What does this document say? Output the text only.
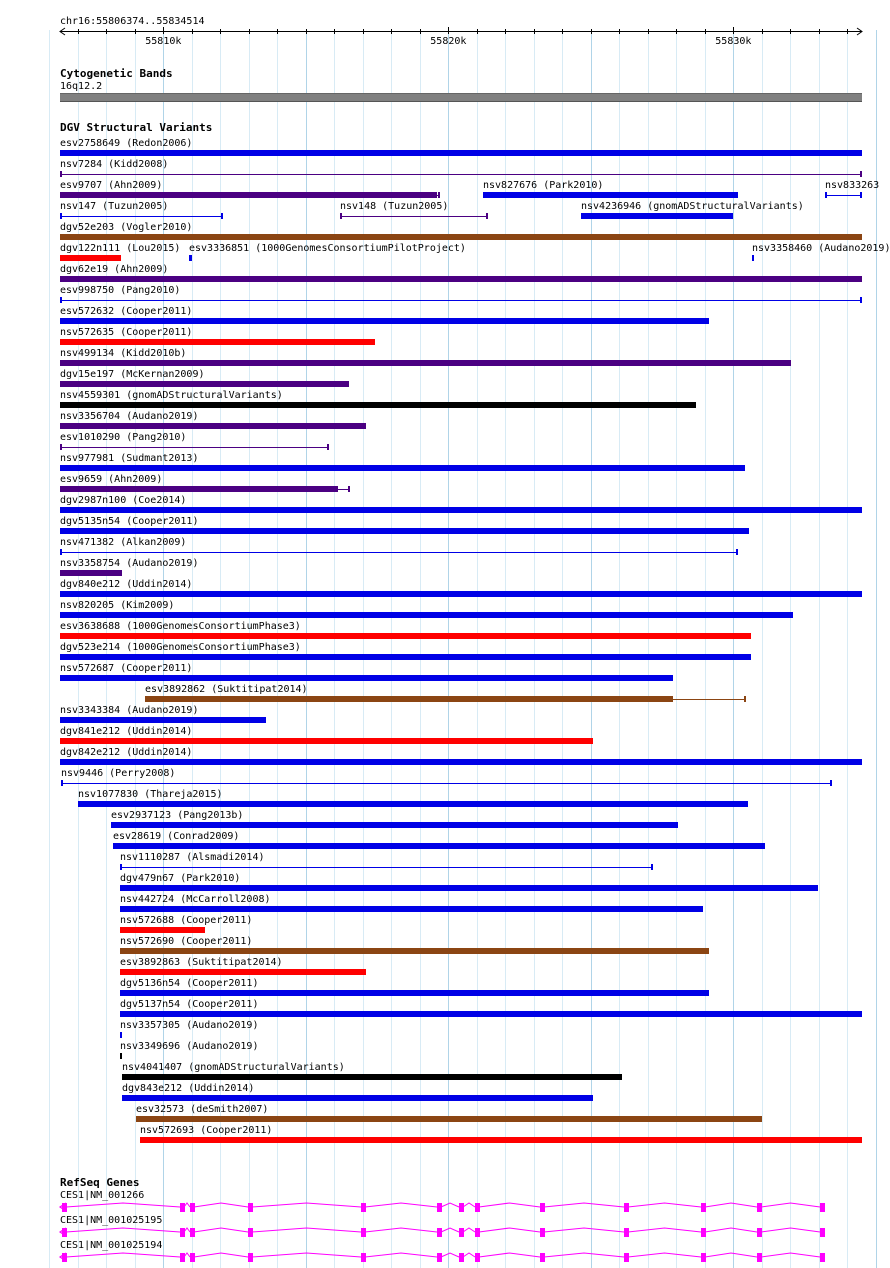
chr16:55806374..55834514
55810k	55820k	55830k
Cytogenetic Bands
16q12.2
DGV Structural Variants
esv2758649 (Redon2006)
nsv7284 (Kidd2008)
esv9707 (Ahn2009)	nsv827676 (Park2010)	nsv833263
nsv147 (Tuzun2005)	nsv148 (Tuzun2005)	nsv4236946 (gnomADStructuralVariants)
dgv52e203 (Vogler2010)
dgv122n111 (Lou2015) esv3336851 (1000GenomesConsortiumPilotProject)	nsv3358460 (Audano2019)
dgv62e19 (Ahn2009)
esv998750 (Pang2010)
esv572632 (Cooper2011)
nsv572635 (Cooper2011)
nsv499134 (Kidd2010b)
dgv15e197 (McKernan2009)
nsv4559301 (gnomADStructuralVariants)
nsv3356704 (Audano2019)
esv1010290 (Pang2010)
nsv977981 (Sudmant2013)
esv9659 (Ahn2009)
dgv2987n100 (Coe2014)
dgv5135n54 (Cooper2011)
nsv471382 (Alkan2009)
nsv3358754 (Audano2019)
dgv840e212 (Uddin2014)
nsv820205 (Kim2009)
esv3638688 (1000GenomesConsortiumPhase3)
dgv523e214 (1000GenomesConsortiumPhase3)
nsv572687 (Cooper2011)
esv3892862 (Suktitipat2014)
nsv3343384 (Audano2019)
dgv841e212 (Uddin2014)
dgv842e212 (Uddin2014)
nsv9446 (Perry2008)
nsv1077830 (Thareja2015)
esv2937123 (Pang2013b)
esv28619 (Conrad2009)
nsv1110287 (Alsmadi2014)
dgv479n67 (Park2010)
nsv442724 (McCarroll2008)
nsv572688 (Cooper2011)
nsv572690 (Cooper2011)
esv3892863 (Suktitipat2014)
dgv5136n54 (Cooper2011)
dgv5137n54 (Cooper2011)
nsv3357305 (Audano2019)
nsv3349696 (Audano2019)
nsv4041407 (gnomADStructuralVariants)
dgv843e212 (Uddin2014)
esv32573 (deSmith2007)
nsv572693 (Cooper2011)
RefSeq Genes
CES1|NM_001266
CES1|NM_001025195
CES1|NM_001025194
